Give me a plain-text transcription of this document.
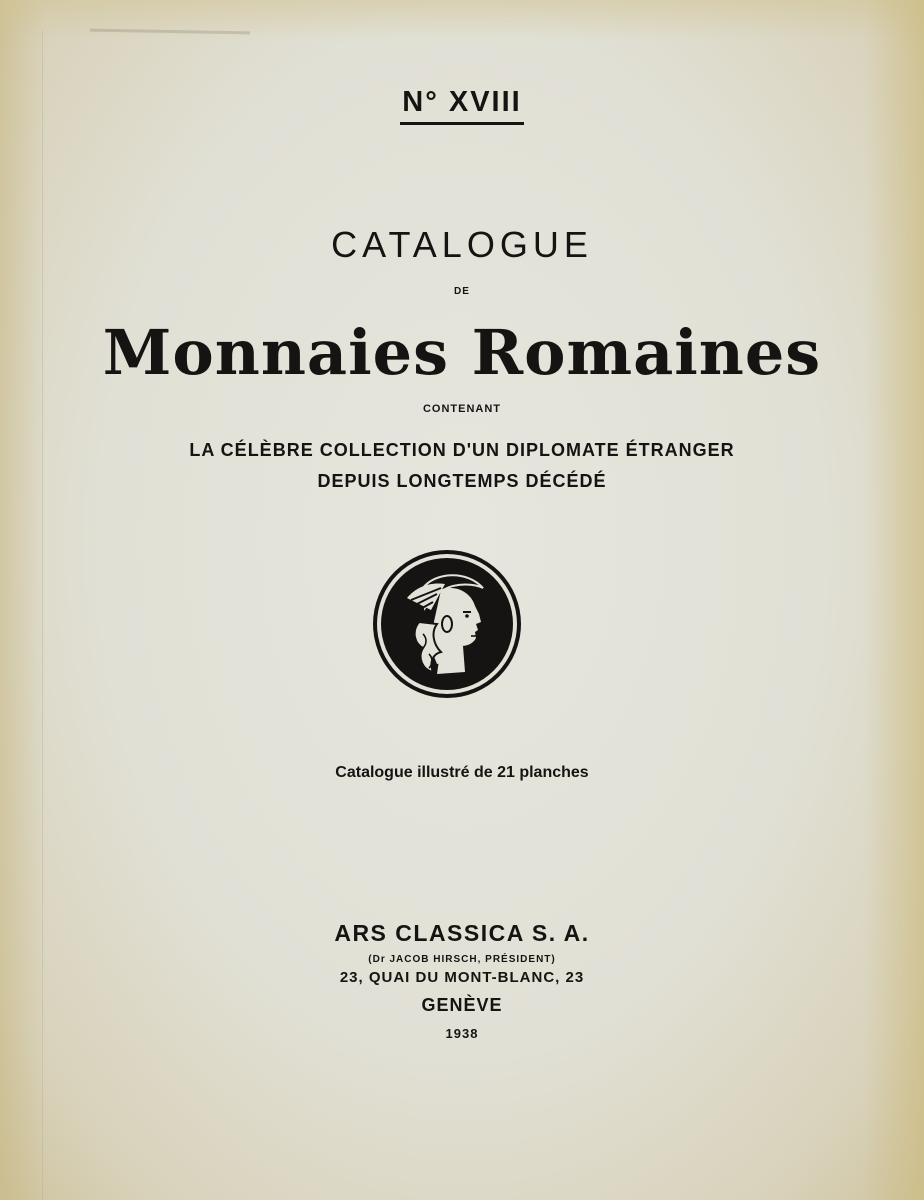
N° XVIII
CATALOGUE
DE
Monnaies Romaines
CONTENANT
LA CÉLÈBRE COLLECTION D'UN DIPLOMATE ÉTRANGER
DEPUIS LONGTEMPS DÉCÉDÉ
Catalogue illustré de 21 planches
ARS CLASSICA S. A.
(Dr JACOB HIRSCH, PRÉSIDENT)
23, QUAI DU MONT-BLANC, 23
GENÈVE
1938
